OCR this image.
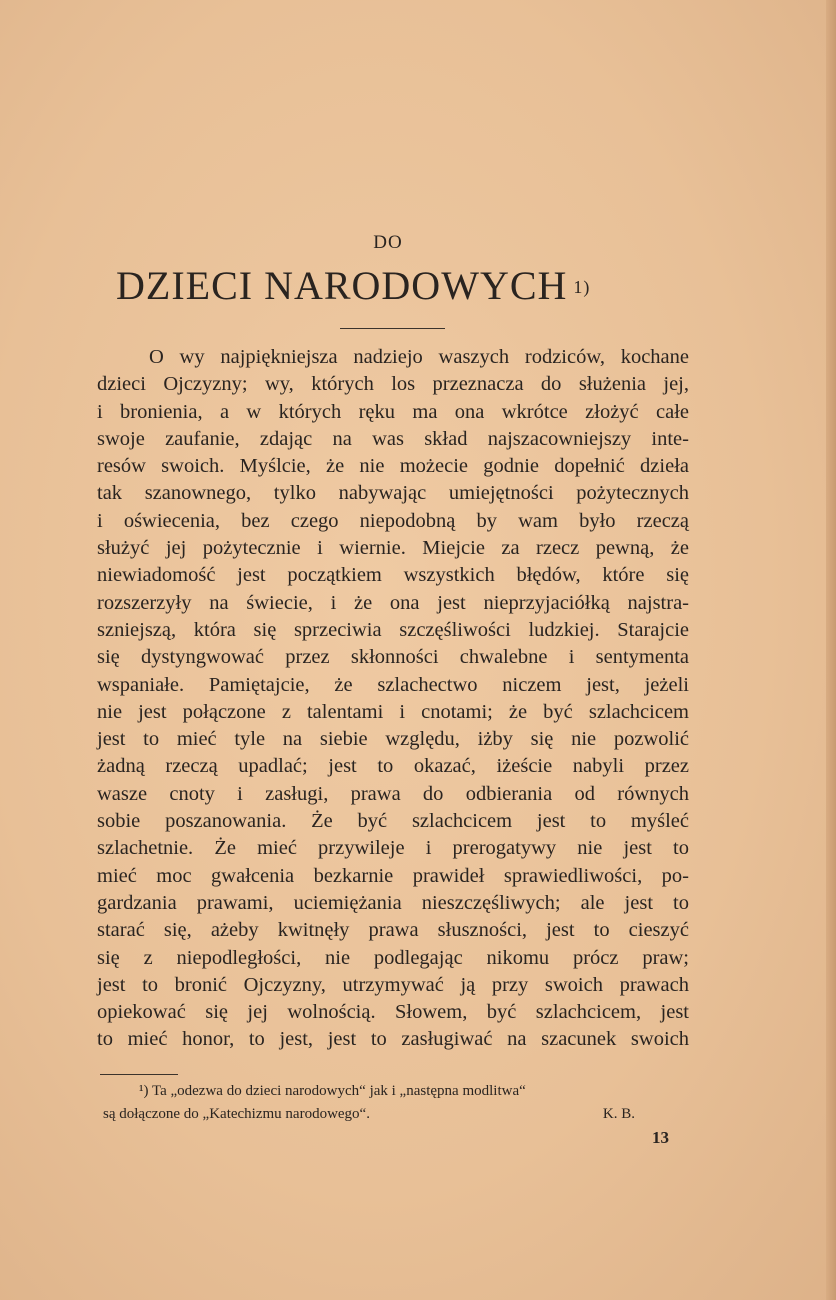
DO
DZIECI NARODOWYCH $^{1)}$
O wy najpiękniejsza nadziejo waszych rodziców, kochane
dzieci Ojczyzny; wy, których los przeznacza do służenia jej,
i bronienia, a w których ręku ma ona wkrótce złożyć całe
swoje zaufanie, zdając na was skład najszacowniejszy inte-
resów swoich. Myślcie, że nie możecie godnie dopełnić dzieła
tak szanownego, tylko nabywając umiejętności pożytecznych
i oświecenia, bez czego niepodobną by wam było rzeczą
służyć jej pożytecznie i wiernie. Miejcie za rzecz pewną, że
niewiadomość jest początkiem wszystkich błędów, które się
rozszerzyły na świecie, i że ona jest nieprzyjaciółką najstra-
szniejszą, która się sprzeciwia szczęśliwości ludzkiej. Starajcie
się dystyngwować przez skłonności chwalebne i sentymenta
wspaniałe. Pamiętajcie, że szlachectwo niczem jest, jeżeli
nie jest połączone z talentami i cnotami; że być szlachcicem
jest to mieć tyle na siebie względu, iżby się nie pozwolić
żadną rzeczą upadlać; jest to okazać, iżeście nabyli przez
wasze cnoty i zasługi, prawa do odbierania od równych
sobie poszanowania. Że być szlachcicem jest to myśleć
szlachetnie. Że mieć przywileje i prerogatywy nie jest to
mieć moc gwałcenia bezkarnie prawideł sprawiedliwości, po-
gardzania prawami, uciemiężania nieszczęśliwych; ale jest to
starać się, ażeby kwitnęły prawa słuszności, jest to cieszyć
się z niepodległości, nie podlegając nikomu prócz praw;
jest to bronić Ojczyzny, utrzymywać ją przy swoich prawach
opiekować się jej wolnością. Słowem, być szlachcicem, jest
to mieć honor, to jest, jest to zasługiwać na szacunek swoich
¹) Ta „odezwa do dzieci narodowych“ jak i „następna modlitwa“
są dołączone do „Katechizmu narodowego“.	K. B.
13
